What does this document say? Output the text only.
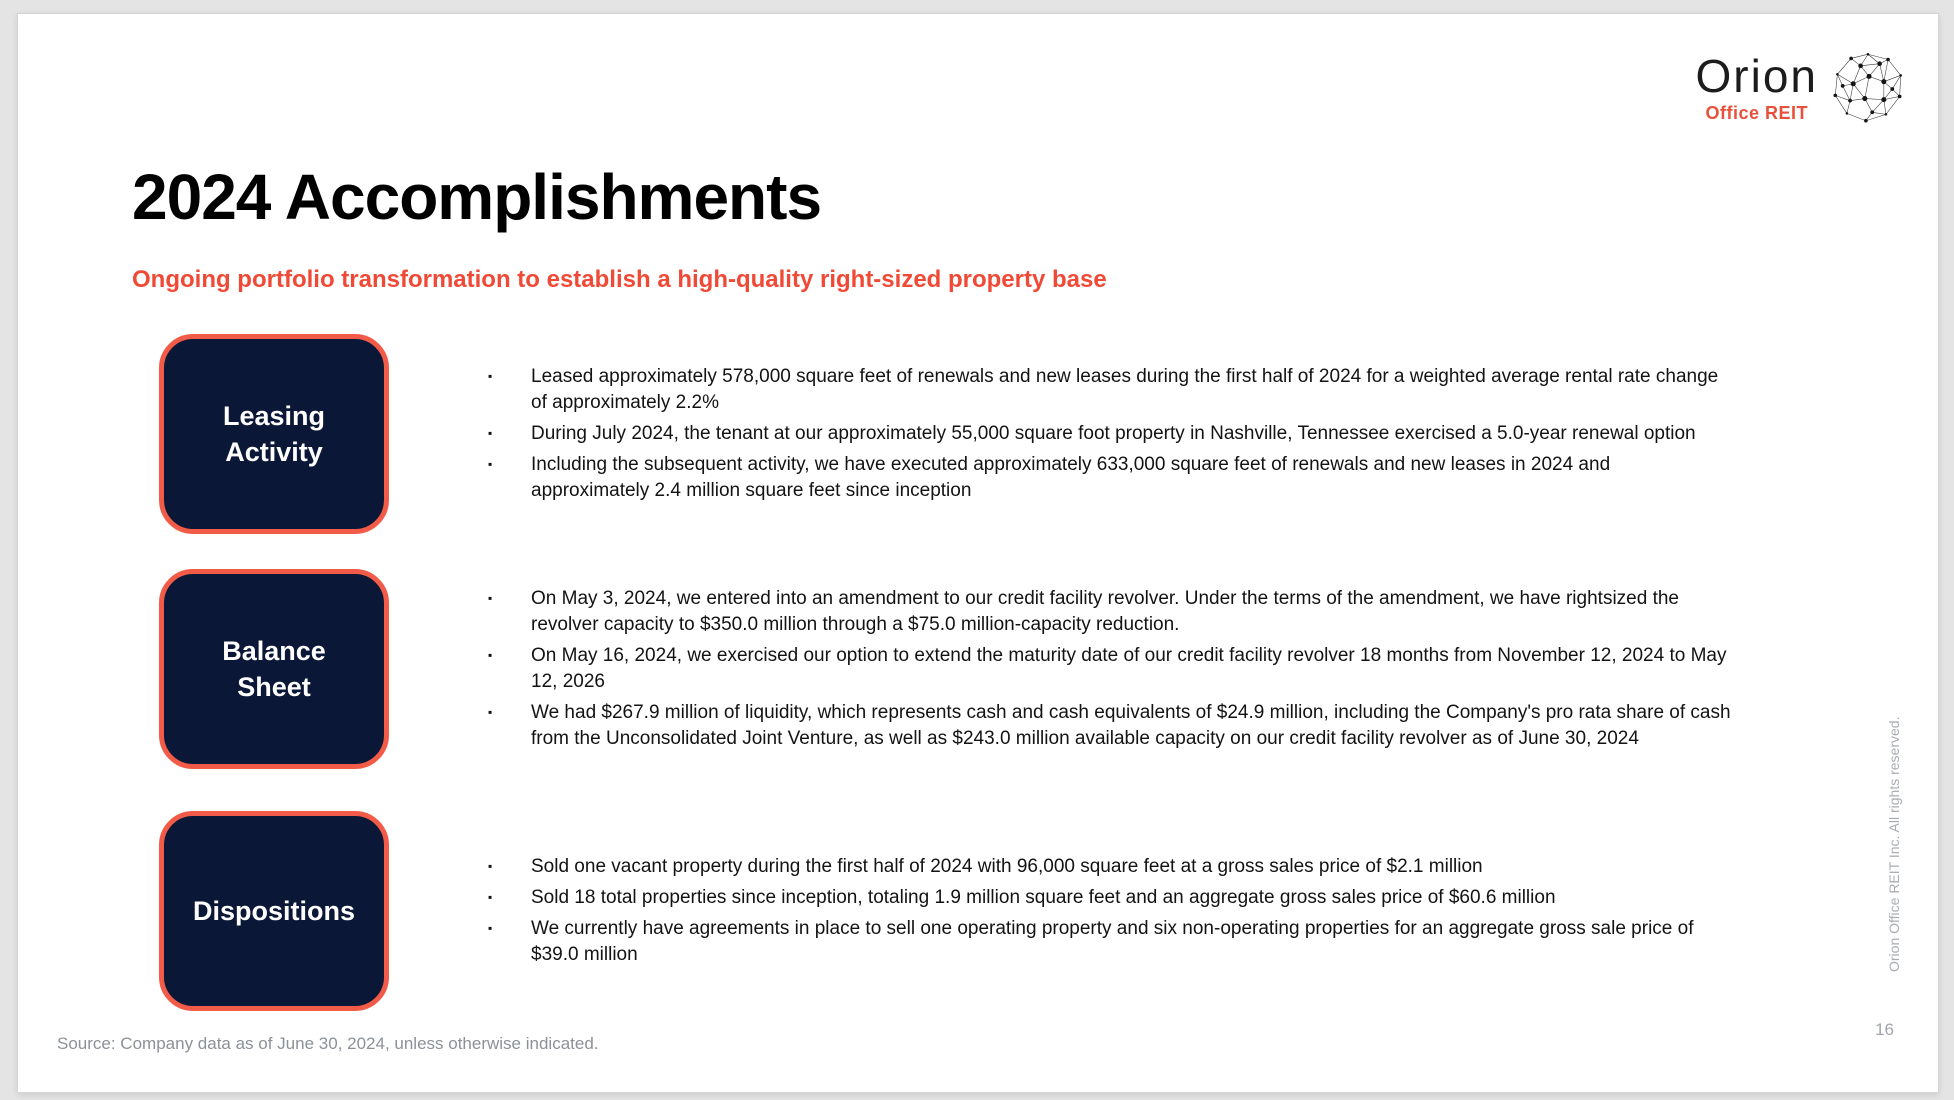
Orion
Office REIT
2024 Accomplishments
Ongoing portfolio transformation to establish a high-quality right-sized property base
Leasing
Activity
▪ Leased approximately 578,000 square feet of renewals and new leases during the first half of 2024 for a weighted average rental rate change of approximately 2.2%
▪ During July 2024, the tenant at our approximately 55,000 square foot property in Nashville, Tennessee exercised a 5.0-year renewal option
▪ Including the subsequent activity, we have executed approximately 633,000 square feet of renewals and new leases in 2024 and approximately 2.4 million square feet since inception
Balance
Sheet
▪ On May 3, 2024, we entered into an amendment to our credit facility revolver. Under the terms of the amendment, we have rightsized the revolver capacity to $350.0 million through a $75.0 million-capacity reduction.
▪ On May 16, 2024, we exercised our option to extend the maturity date of our credit facility revolver 18 months from November 12, 2024 to May 12, 2026
▪ We had $267.9 million of liquidity, which represents cash and cash equivalents of $24.9 million, including the Company's pro rata share of cash from the Unconsolidated Joint Venture, as well as $243.0 million available capacity on our credit facility revolver as of June 30, 2024
Dispositions
▪ Sold one vacant property during the first half of 2024 with 96,000 square feet at a gross sales price of $2.1 million
▪ Sold 18 total properties since inception, totaling 1.9 million square feet and an aggregate gross sales price of $60.6 million
▪ We currently have agreements in place to sell one operating property and six non-operating properties for an aggregate gross sale price of $39.0 million
Source: Company data as of June 30, 2024, unless otherwise indicated.
Orion Office REIT Inc. All rights reserved.
16
